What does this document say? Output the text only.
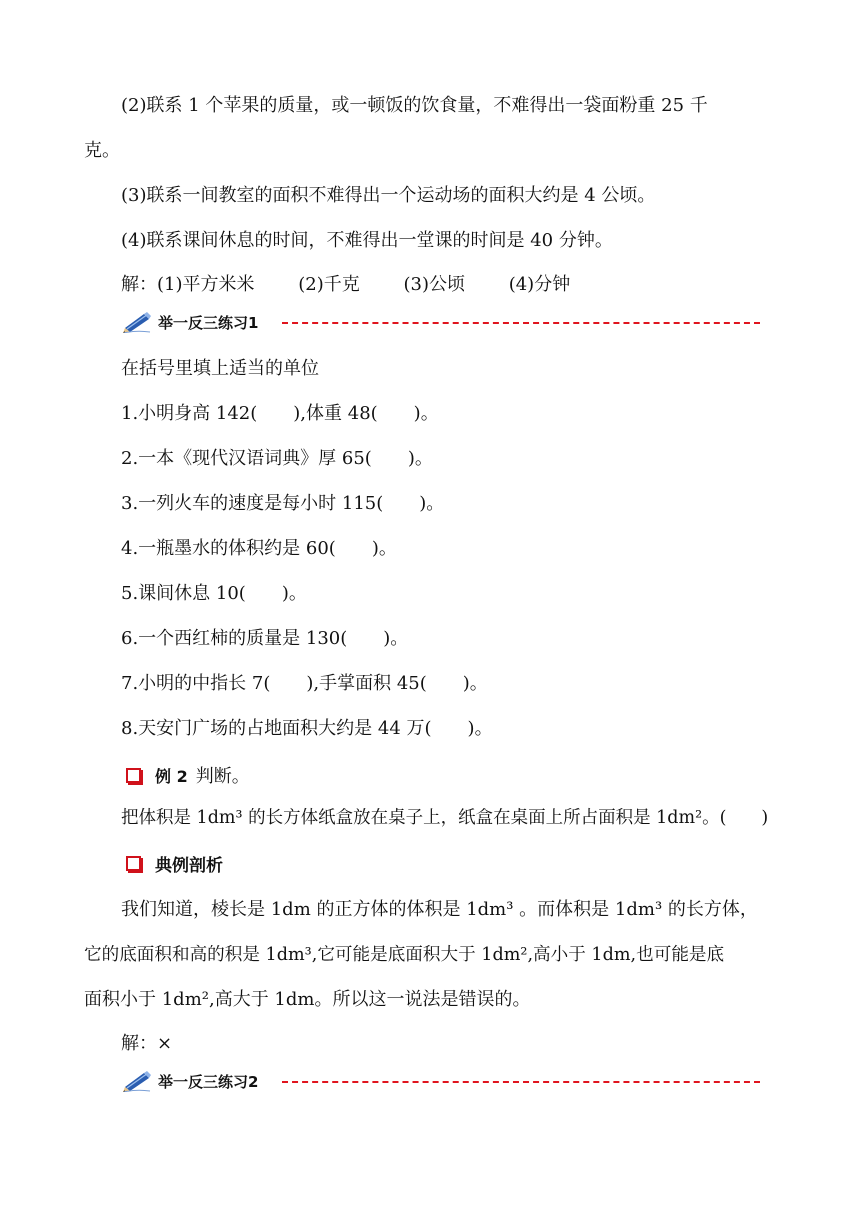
(2)联系 1 个苹果的质量，或一顿饭的饮食量，不难得出一袋面粉重 25 千
克。
(3)联系一间教室的面积不难得出一个运动场的面积大约是 4 公顷。
(4)联系课间休息的时间，不难得出一堂课的时间是 40 分钟。
解：(1)平方米米 (2)千克 (3)公顷 (4)分钟
举一反三练习1
在括号里填上适当的单位
1.小明身高 142(　　),体重 48(　　)。
2.一本《现代汉语词典》厚 65(　　)。
3.一列火车的速度是每小时 115(　　)。
4.一瓶墨水的体积约是 60(　　)。
5.课间休息 10(　　)。
6.一个西红柿的质量是 130(　　)。
7.小明的中指长 7(　　),手掌面积 45(　　)。
8.天安门广场的占地面积大约是 44 万(　　)。
例 2 判断。
把体积是 1dm³ 的长方体纸盒放在桌子上，纸盒在桌面上所占面积是 1dm²。(　　)
典例剖析
我们知道，棱长是 1dm 的正方体的体积是 1dm³ 。而体积是 1dm³ 的长方体，
它的底面积和高的积是 1dm³,它可能是底面积大于 1dm²,高小于 1dm,也可能是底
面积小于 1dm²,高大于 1dm。所以这一说法是错误的。
解：×
举一反三练习2
